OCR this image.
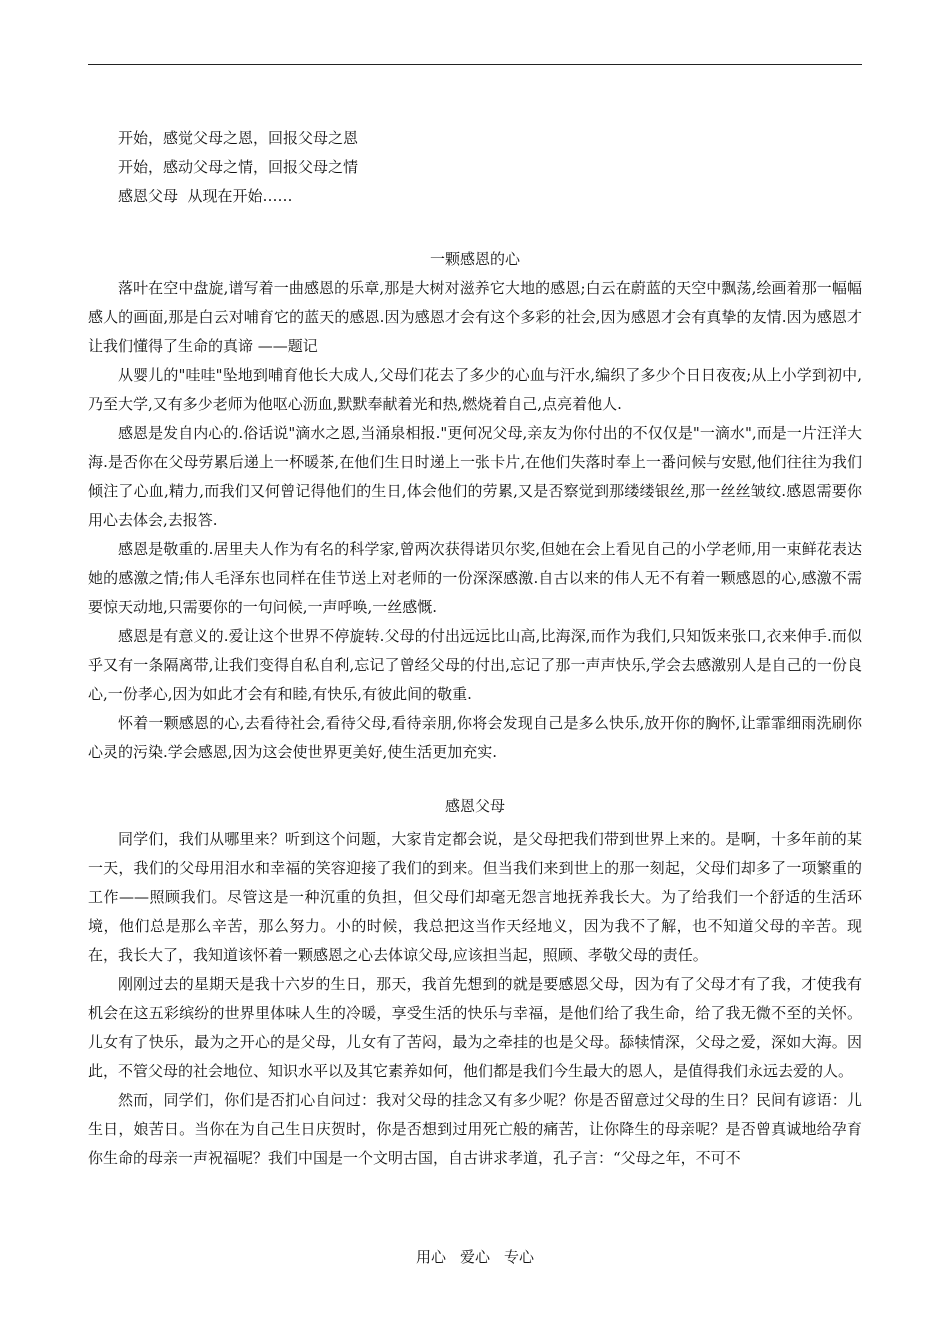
开始，感觉父母之恩，回报父母之恩

开始，感动父母之情，回报父母之情

感恩父母  从现在开始……

一颗感恩的心

落叶在空中盘旋,谱写着一曲感恩的乐章,那是大树对滋养它大地的感恩;白云在蔚蓝的天空中飘荡,绘画着那一幅幅感人的画面,那是白云对哺育它的蓝天的感恩.因为感恩才会有这个多彩的社会,因为感恩才会有真挚的友情.因为感恩才让我们懂得了生命的真谛 ——题记

从婴儿的"哇哇"坠地到哺育他长大成人,父母们花去了多少的心血与汗水,编织了多少个日日夜夜;从上小学到初中,乃至大学,又有多少老师为他呕心沥血,默默奉献着光和热,燃烧着自己,点亮着他人.

感恩是发自内心的.俗话说"滴水之恩,当涌泉相报."更何况父母,亲友为你付出的不仅仅是"一滴水",而是一片汪洋大海.是否你在父母劳累后递上一杯暖茶,在他们生日时递上一张卡片,在他们失落时奉上一番问候与安慰,他们往往为我们倾注了心血,精力,而我们又何曾记得他们的生日,体会他们的劳累,又是否察觉到那缕缕银丝,那一丝丝皱纹.感恩需要你用心去体会,去报答.

感恩是敬重的.居里夫人作为有名的科学家,曾两次获得诺贝尔奖,但她在会上看见自己的小学老师,用一束鲜花表达她的感激之情;伟人毛泽东也同样在佳节送上对老师的一份深深感激.自古以来的伟人无不有着一颗感恩的心,感激不需要惊天动地,只需要你的一句问候,一声呼唤,一丝感慨.

感恩是有意义的.爱让这个世界不停旋转.父母的付出远远比山高,比海深,而作为我们,只知饭来张口,衣来伸手.而似乎又有一条隔离带,让我们变得自私自利,忘记了曾经父母的付出,忘记了那一声声快乐,学会去感激别人是自己的一份良心,一份孝心,因为如此才会有和睦,有快乐,有彼此间的敬重.

怀着一颗感恩的心,去看待社会,看待父母,看待亲朋,你将会发现自己是多么快乐,放开你的胸怀,让霏霏细雨洗刷你心灵的污染.学会感恩,因为这会使世界更美好,使生活更加充实.

感恩父母

同学们，我们从哪里来？听到这个问题，大家肯定都会说，是父母把我们带到世界上来的。是啊，十多年前的某一天，我们的父母用泪水和幸福的笑容迎接了我们的到来。但当我们来到世上的那一刻起，父母们却多了一项繁重的工作——照顾我们。尽管这是一种沉重的负担，但父母们却毫无怨言地抚养我长大。为了给我们一个舒适的生活环境，他们总是那么辛苦，那么努力。小的时候，我总把这当作天经地义，因为我不了解，也不知道父母的辛苦。现在，我长大了，我知道该怀着一颗感恩之心去体谅父母,应该担当起，照顾、孝敬父母的责任。

刚刚过去的星期天是我十六岁的生日，那天，我首先想到的就是要感恩父母，因为有了父母才有了我，才使我有机会在这五彩缤纷的世界里体味人生的冷暖，享受生活的快乐与幸福，是他们给了我生命，给了我无微不至的关怀。儿女有了快乐，最为之开心的是父母，儿女有了苦闷，最为之牵挂的也是父母。舔犊情深，父母之爱，深如大海。因此，不管父母的社会地位、知识水平以及其它素养如何，他们都是我们今生最大的恩人，是值得我们永远去爱的人。

然而，同学们，你们是否扪心自问过：我对父母的挂念又有多少呢？你是否留意过父母的生日？民间有谚语：儿生日，娘苦日。当你在为自己生日庆贺时，你是否想到过用死亡般的痛苦，让你降生的母亲呢？是否曾真诚地给孕育你生命的母亲一声祝福呢？我们中国是一个文明古国，自古讲求孝道，孔子言：“父母之年，不可不

用心 爱心 专心
